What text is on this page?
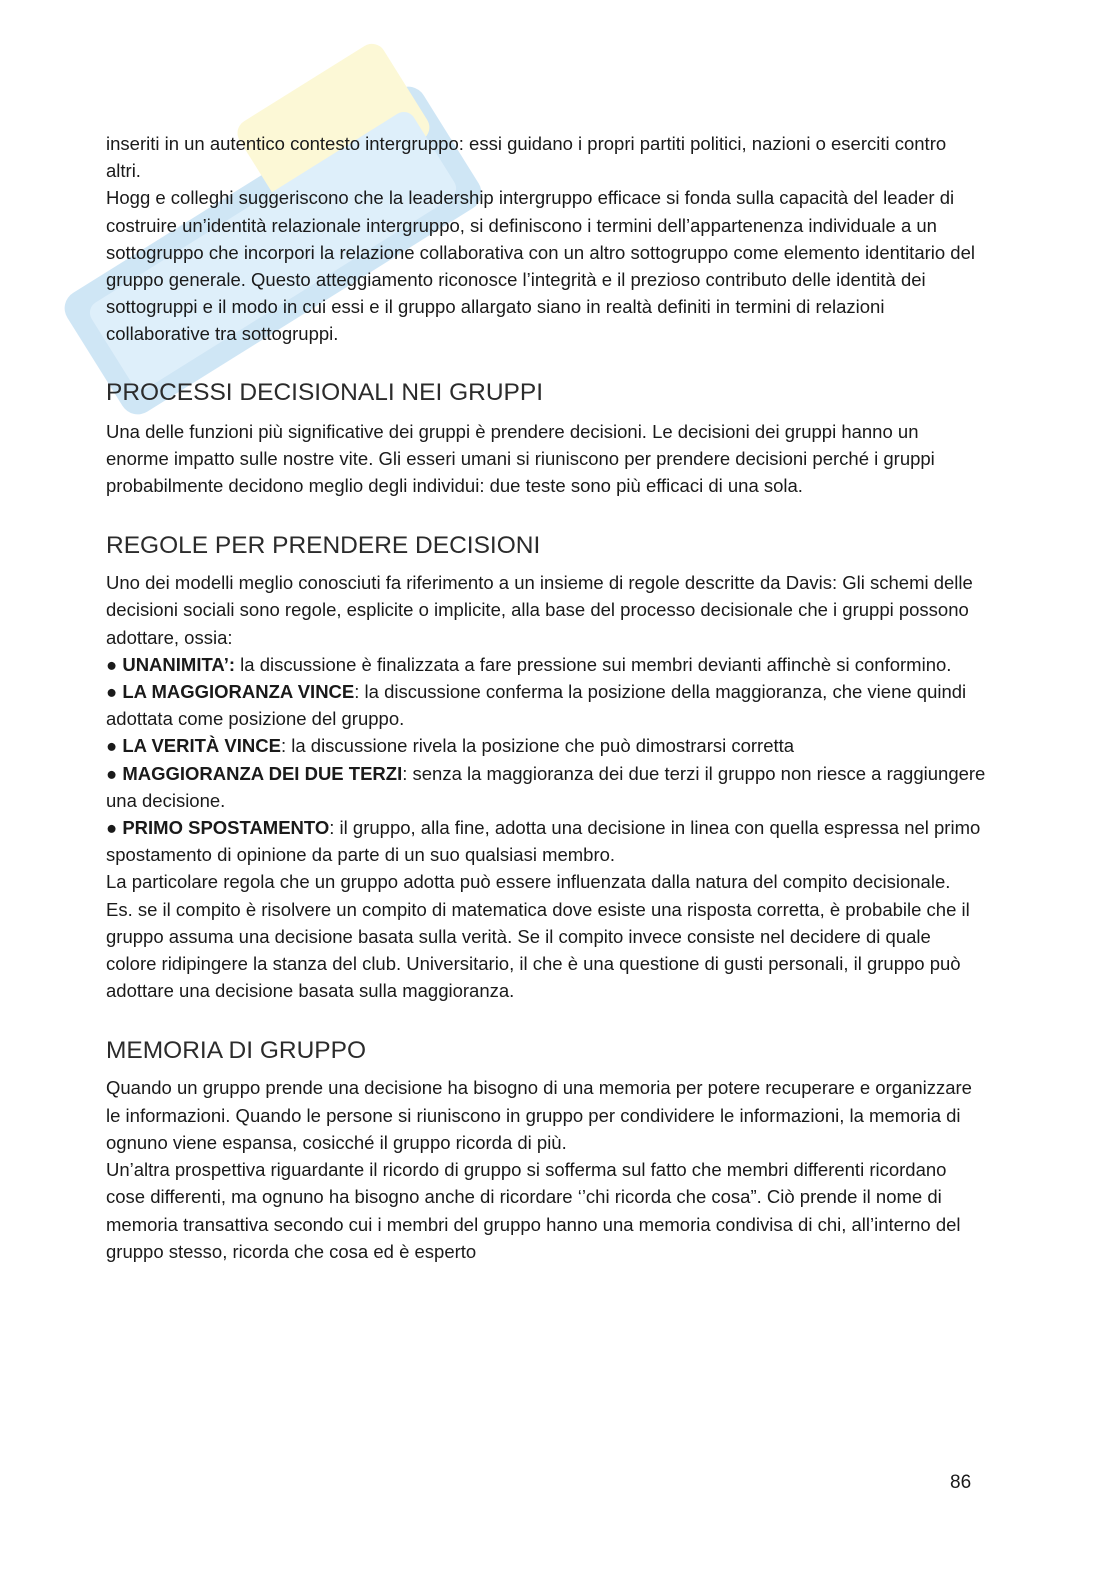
inseriti in un autentico contesto intergruppo: essi guidano i propri partiti politici, nazioni o eserciti contro altri.

Hogg e colleghi suggeriscono che la leadership intergruppo efficace si fonda sulla capacità del leader di costruire un’identità relazionale intergruppo, si definiscono i termini dell’appartenenza individuale a un sottogruppo che incorpori la relazione collaborativa con un altro sottogruppo come elemento identitario del gruppo generale. Questo atteggiamento riconosce l’integrità e il prezioso contributo delle identità dei sottogruppi e il modo in cui essi e il gruppo allargato siano in realtà definiti in termini di relazioni collaborative tra sottogruppi.

PROCESSI DECISIONALI NEI GRUPPI

Una delle funzioni più significative dei gruppi è prendere decisioni. Le decisioni dei gruppi hanno un enorme impatto sulle nostre vite. Gli esseri umani si riuniscono per prendere decisioni perché i gruppi probabilmente decidono meglio degli individui: due teste sono più efficaci di una sola.

REGOLE PER PRENDERE DECISIONI

Uno dei modelli meglio conosciuti fa riferimento a un insieme di regole descritte da Davis: Gli schemi delle decisioni sociali sono regole, esplicite o implicite, alla base del processo decisionale che i gruppi possono adottare, ossia:

● UNANIMITA’: la discussione è finalizzata a fare pressione sui membri devianti affinchè si conformino.

● LA MAGGIORANZA VINCE: la discussione conferma la posizione della maggioranza, che viene quindi

adottata come posizione del gruppo.

● LA VERITÀ VINCE: la discussione rivela la posizione che può dimostrarsi corretta

● MAGGIORANZA DEI DUE TERZI: senza la maggioranza dei due terzi il gruppo non riesce a raggiungere una decisione.

● PRIMO SPOSTAMENTO: il gruppo, alla fine, adotta una decisione in linea con quella espressa nel primo spostamento di opinione da parte di un suo qualsiasi membro.

La particolare regola che un gruppo adotta può essere influenzata dalla natura del compito decisionale.

Es. se il compito è risolvere un compito di matematica dove esiste una risposta corretta, è probabile che il gruppo assuma una decisione basata sulla verità. Se il compito invece consiste nel decidere di quale colore ridipingere la stanza del club. Universitario, il che è una questione di gusti personali, il gruppo può adottare una decisione basata sulla maggioranza.

MEMORIA DI GRUPPO

Quando un gruppo prende una decisione ha bisogno di una memoria per potere recuperare e organizzare le informazioni. Quando le persone si riuniscono in gruppo per condividere le informazioni, la memoria di ognuno viene espansa, cosicché il gruppo ricorda di più.

Un’altra prospettiva riguardante il ricordo di gruppo si sofferma sul fatto che membri differenti ricordano cose differenti, ma ognuno ha bisogno anche di ricordare ‘’chi ricorda che cosa”. Ciò prende il nome di memoria transattiva secondo cui i membri del gruppo hanno una memoria condivisa di chi, all’interno del gruppo stesso, ricorda che cosa ed è esperto

86
